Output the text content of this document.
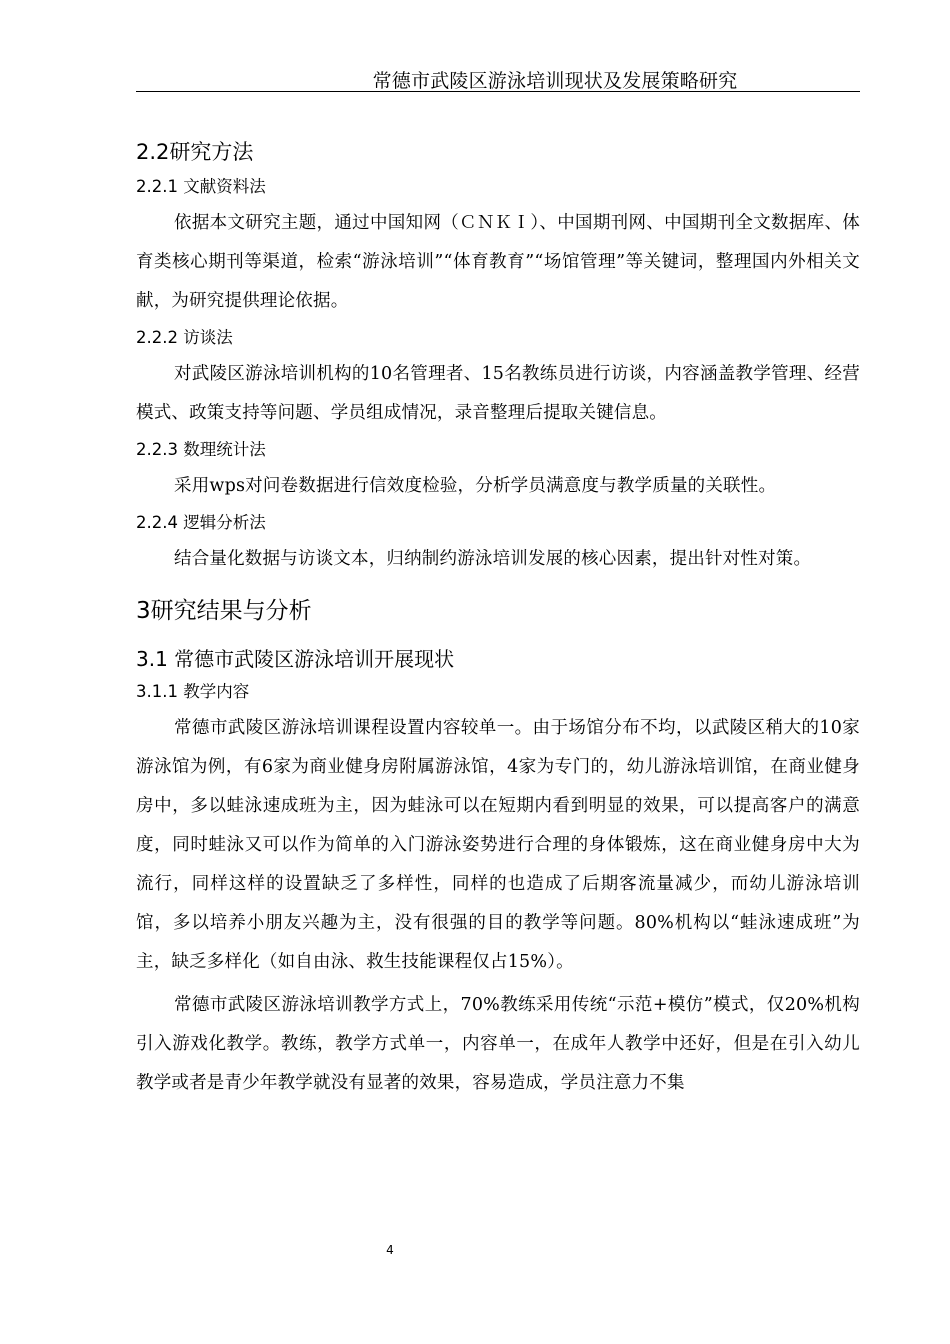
常德市武陵区游泳培训现状及发展策略研究
2.2研究方法
2.2.1 文献资料法

依据本文研究主题，通过中国知网（ＣＮＫＩ）、中国期刊网、中国期刊全文数据库、体育类核心期刊等渠道，检索“游泳培训”“体育教育”“场馆管理”等关键词，整理国内外相关文献，为研究提供理论依据。

2.2.2 访谈法

对武陵区游泳培训机构的10名管理者、15名教练员进行访谈，内容涵盖教学管理、经营模式、政策支持等问题、学员组成情况，录音整理后提取关键信息。

2.2.3 数理统计法

采用wps对问卷数据进行信效度检验，分析学员满意度与教学质量的关联性。

2.2.4 逻辑分析法

结合量化数据与访谈文本，归纳制约游泳培训发展的核心因素，提出针对性对策。

3研究结果与分析
3.1 常德市武陵区游泳培训开展现状
3.1.1 教学内容

常德市武陵区游泳培训课程设置内容较单一。由于场馆分布不均，以武陵区稍大的10家游泳馆为例，有6家为商业健身房附属游泳馆，4家为专门的，幼儿游泳培训馆，在商业健身房中，多以蛙泳速成班为主，因为蛙泳可以在短期内看到明显的效果，可以提高客户的满意度，同时蛙泳又可以作为简单的入门游泳姿势进行合理的身体锻炼，这在商业健身房中大为流行，同样这样的设置缺乏了多样性，同样的也造成了后期客流量减少，而幼儿游泳培训馆，多以培养小朋友兴趣为主，没有很强的目的教学等问题。80%机构以“蛙泳速成班”为主，缺乏多样化（如自由泳、救生技能课程仅占15%）。

常德市武陵区游泳培训教学方式上，70%教练采用传统“示范+模仿”模式，仅20%机构引入游戏化教学。教练，教学方式单一，内容单一，在成年人教学中还好，但是在引入幼儿教学或者是青少年教学就没有显著的效果，容易造成，学员注意力不集

4
